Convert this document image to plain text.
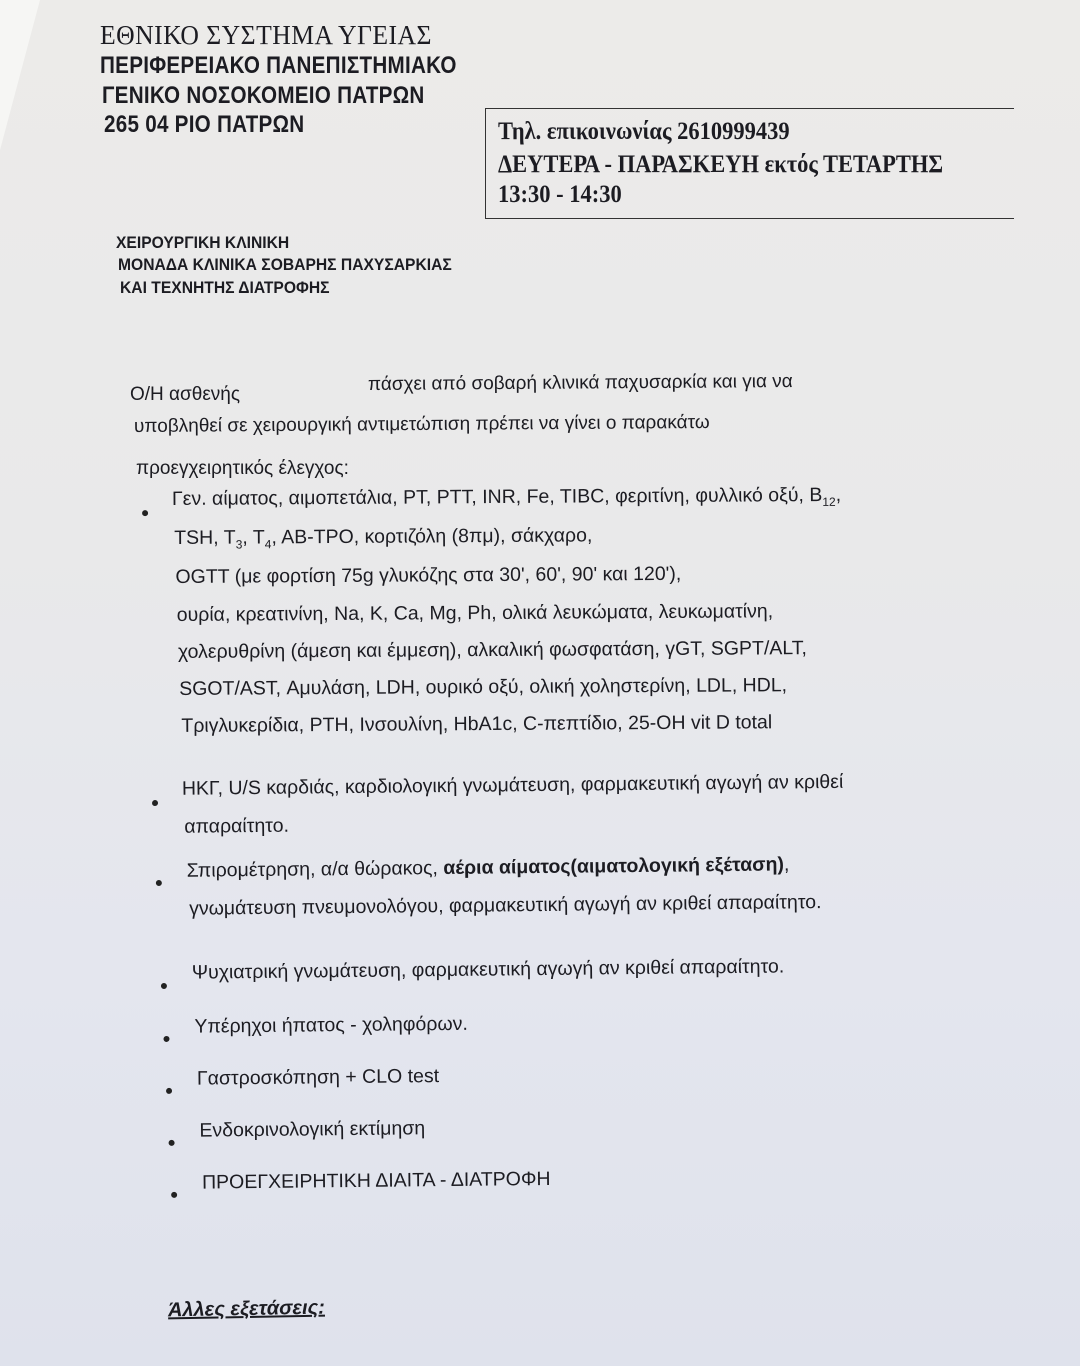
ΕΘΝΙΚΟ ΣΥΣΤΗΜΑ ΥΓΕΙΑΣ
ΠΕΡΙΦΕΡΕΙΑΚΟ ΠΑΝΕΠΙΣΤΗΜΙΑΚΟ
ΓΕΝΙΚΟ ΝΟΣΟΚΟΜΕΙΟ ΠΑΤΡΩΝ
265 04 ΡΙΟ ΠΑΤΡΩΝ	Τηλ. επικοινωνίας 2610999439
ΔΕΥΤΕΡΑ - ΠΑΡΑΣΚΕΥΗ εκτός ΤΕΤΑΡΤΗΣ
13:30 - 14:30
ΧΕΙΡΟΥΡΓΙΚΗ ΚΛΙΝΙΚΗ
ΜΟΝΑΔΑ ΚΛΙΝΙΚΑ ΣΟΒΑΡΗΣ ΠΑΧΥΣΑΡΚΙΑΣ
ΚΑΙ ΤΕΧΝΗΤΗΣ ΔΙΑΤΡΟΦΗΣ
O/H ασθενής	πάσχει από σοβαρή κλινικά παχυσαρκία και για να
υποβληθεί σε χειρουργική αντιμετώπιση πρέπει να γίνει ο παρακάτω
προεγχειρητικός έλεγχος:
Γεν. αίματος, αιμοπετάλια, PT, PTT, INR, Fe, TIBC, φεριτίνη, φυλλικό οξύ, $B_{12}$,
TSH, $T_3$, $T_4$, AB-TPO, κορτιζόλη (8πμ), σάκχαρο,
OGTT (με φορτίση 75g γλυκόζης στα 30', 60', 90' και 120'),
ουρία, κρεατινίνη, Na, K, Ca, Mg, Ph, ολικά λευκώματα, λευκωματίνη,
χολερυθρίνη (άμεση και έμμεση), αλκαλική φωσφατάση, γGT, SGPT/ALT,
SGOT/AST, Αμυλάση, LDH, ουρικό οξύ, ολική χοληστερίνη, LDL, HDL,
Τριγλυκερίδια, PTH, Ινσουλίνη, HbA1c, C-πεπτίδιο, 25-OH vit D total
ΗΚΓ, U/S καρδιάς, καρδιολογική γνωμάτευση, φαρμακευτική αγωγή αν κριθεί
απαραίτητο.
Σπιρομέτρηση, α/α θώρακος, αέρια αίματος(αιματολογική εξέταση),
γνωμάτευση πνευμονολόγου, φαρμακευτική αγωγή αν κριθεί απαραίτητο.
Ψυχιατρική γνωμάτευση, φαρμακευτική αγωγή αν κριθεί απαραίτητο.
Υπέρηχοι ήπατος - χοληφόρων.
Γαστροσκόπηση + CLO test
Ενδοκρινολογική εκτίμηση
ΠΡΟΕΓΧΕΙΡΗΤΙΚΗ ΔΙΑΙΤΑ - ΔΙΑΤΡΟΦΗ
Άλλες εξετάσεις:
